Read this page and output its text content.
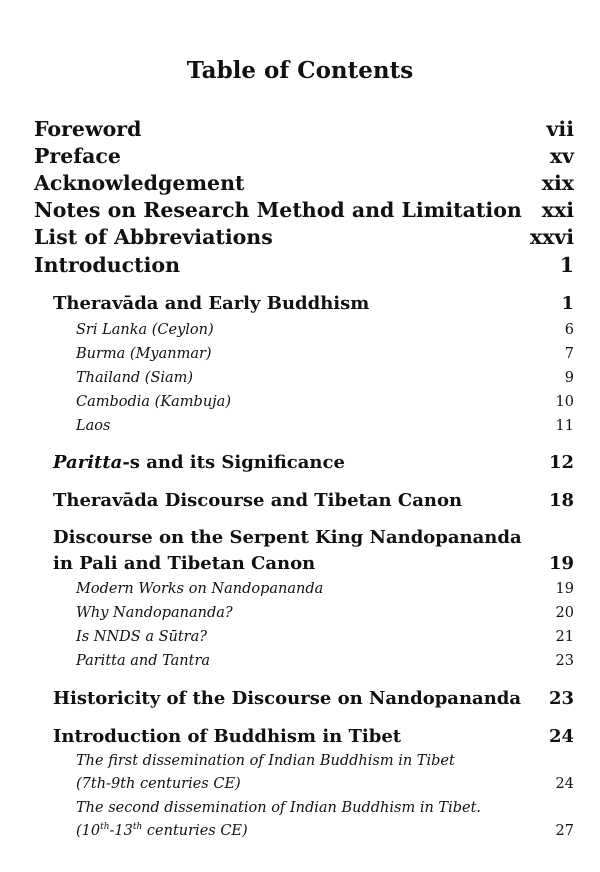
Table of Contents
Foreword	vii
Preface	xv
Acknowledgement	xix
Notes on Research Method and Limitation xxi
List of Abbreviations	xxvi
Introduction	1
Theravāda and Early Buddhism	1
Sri Lanka (Ceylon)	6
Burma (Myanmar)	7
Thailand (Siam)	9
Cambodia (Kambuja)	10
Laos	11
Paritta-s and its Significance	12
Theravāda Discourse and Tibetan Canon	18
Discourse on the Serpent King Nandopananda
in Pali and Tibetan Canon	19
Modern Works on Nandopananda	19
Why Nandopananda?	20
Is NNDS a Sūtra?	21
Paritta and Tantra	23
Historicity of the Discourse on Nandopananda 23
Introduction of Buddhism in Tibet	24
The first dissemination of Indian Buddhism in Tibet
(7th-9th centuries CE)	24
The second dissemination of Indian Buddhism in Tibet.
(10th-13th centuries CE)	27
